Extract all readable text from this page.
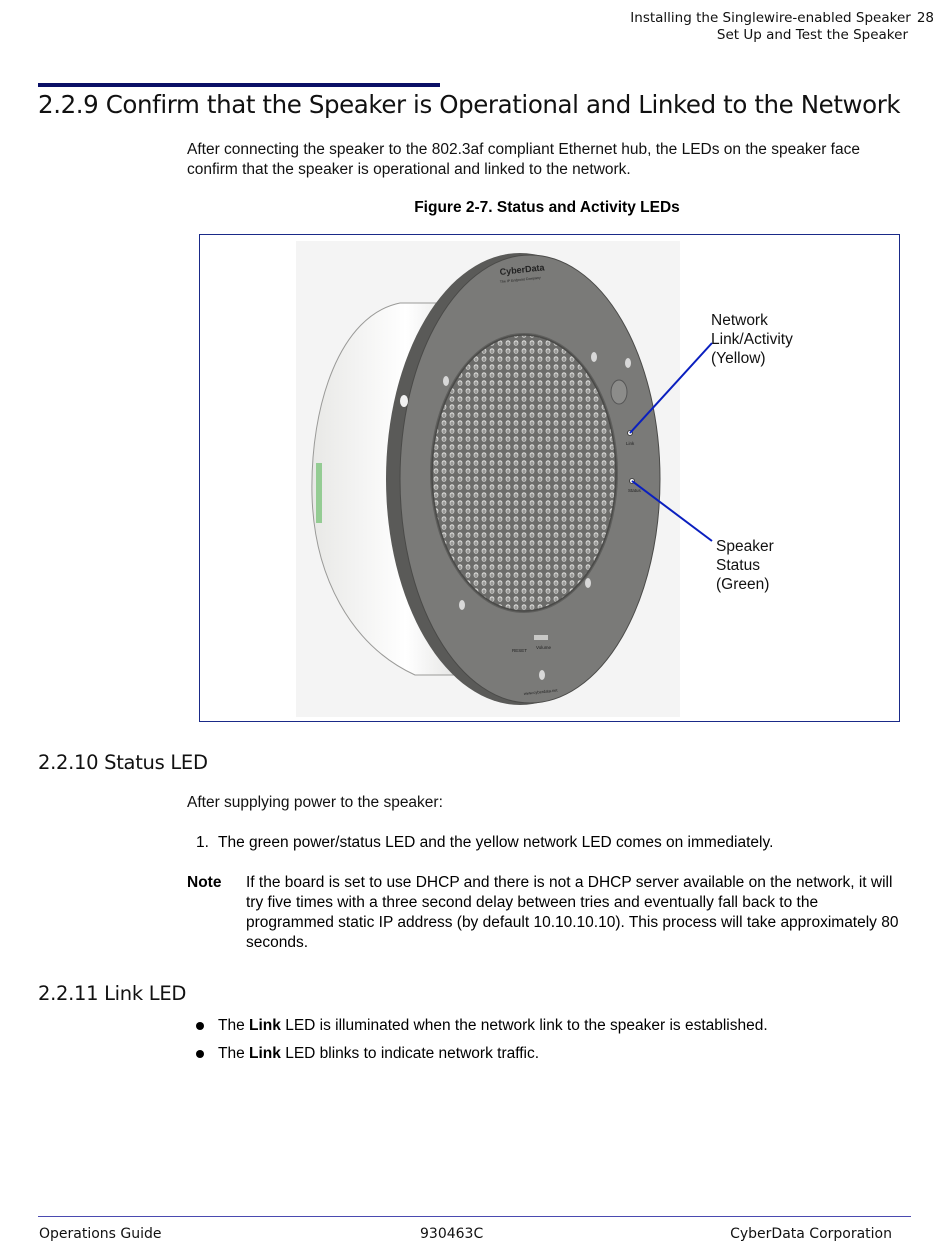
Installing the Singlewire-enabled Speaker 28
Set Up and Test the Speaker
2.2.9 Confirm that the Speaker is Operational and Linked to the Network
After connecting the speaker to the 802.3af compliant Ethernet hub, the LEDs on the speaker face confirm that the speaker is operational and linked to the network.
Figure 2-7. Status and Activity LEDs
CyberData
The IP Endpoint Company
Link
Status
RESET
Volume
www.cyberdata.net
Network
Link/Activity
(Yellow)
Speaker
Status
(Green)
2.2.10 Status LED
After supplying power to the speaker:
1. The green power/status LED and the yellow network LED comes on immediately.
Note If the board is set to use DHCP and there is not a DHCP server available on the network, it will try five times with a three second delay between tries and eventually fall back to the programmed static IP address (by default 10.10.10.10). This process will take approximately 80 seconds.
2.2.11 Link LED
The Link LED is illuminated when the network link to the speaker is established.
The Link LED blinks to indicate network traffic.
Operations Guide	930463C	CyberData Corporation
